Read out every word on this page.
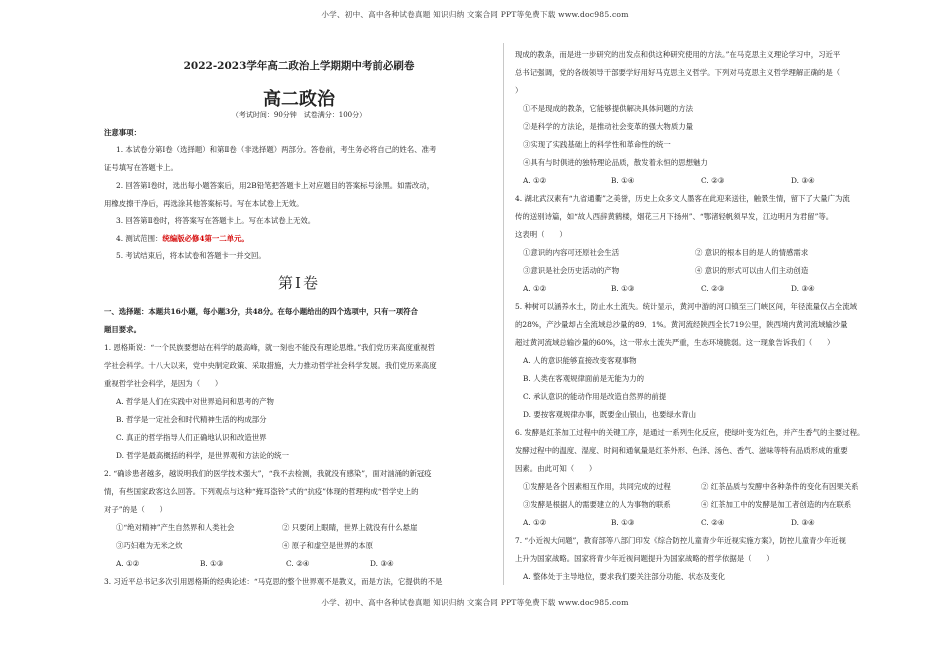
小学、初中、高中各种试卷真题 知识归纳 文案合同 PPT等免费下载 www.doc985.com
2022-2023学年高二政治上学期期中考前必刷卷
高二政治
（考试时间：90分钟　试卷满分：100分）
注意事项：
1. 本试卷分第Ⅰ卷（选择题）和第Ⅱ卷（非选择题）两部分。答卷前，考生务必将自己的姓名、准考
证号填写在答题卡上。
2. 回答第Ⅰ卷时，选出每小题答案后，用2B铅笔把答题卡上对应题目的答案标号涂黑。如需改动，
用橡皮擦干净后，再选涂其他答案标号。写在本试卷上无效。
3. 回答第Ⅱ卷时，将答案写在答题卡上。写在本试卷上无效。
4. 测试范围：统编版必修4第一二单元。
5. 考试结束后，将本试卷和答题卡一并交回。
第Ⅰ卷
一、选择题：本题共16小题，每小题3分，共48分。在每小题给出的四个选项中，只有一项符合
题目要求。
1. 恩格斯说：“一个民族要想站在科学的最高峰，就一刻也不能没有理论思维。”我们党历来高度重视哲
学社会科学。十八大以来，党中央制定政策、采取措施，大力推动哲学社会科学发展。我们党历来高度
重视哲学社会科学，是因为（　　）
A. 哲学是人们在实践中对世界追问和思考的产物
B. 哲学是一定社会和时代精神生活的构成部分
C. 真正的哲学指导人们正确地认识和改造世界
D. 哲学是最高概括的科学，是世界观和方法论的统一
2. “确诊患者越多，越说明我们的医学技术强大”，“我不去检测，我就没有感染”，面对汹涌的新冠疫
情，有些国家政客这么回答。下列观点与这种“掩耳盗铃”式的“抗疫”体现的哲理构成“哲学史上的
对子”的是（　　）
①“绝对精神”产生自然界和人类社会	② 只要闭上眼睛，世界上就没有什么悬崖
③巧妇难为无米之炊	④ 原子和虚空是世界的本原
A. ①②	B. ①③	C. ②④	D. ③④
3. 习近平总书记多次引用恩格斯的经典论述：“马克思的整个世界观不是教义，而是方法，它提供的不是
现成的教条，而是进一步研究的出发点和供这种研究使用的方法。”在马克思主义理论学习中，习近平
总书记强调，党的各级领导干部要学好用好马克思主义哲学。下列对马克思主义哲学理解正确的是（
）
①不是现成的教条，它能够提供解决具体问题的方法
②是科学的方法论，是推动社会变革的强大物质力量
③实现了实践基础上的科学性和革命性的统一
④具有与时俱进的独特理论品质，散发着永恒的思想魅力
A. ①②	B. ①④	C. ②③	D. ③④
4. 湖北武汉素有“九省通衢”之美誉，历史上众多文人墨客在此迎来送往，触景生情，留下了大量广为流
传的送别诗篇，如“故人西辞黄鹤楼，烟花三月下扬州”、“鄂渚轻帆须早发，江边明月为君留”等。
这表明（　　）
①意识的内容可还原社会生活	② 意识的根本目的是人的情感需求
③意识是社会历史活动的产物	④ 意识的形式可以由人们主动创造
A. ①②	B. ①③	C. ②③	D. ③④
5. 种树可以涵养水土，防止水土流失。统计显示，黄河中游的河口镇至三门峡区间，年径流量仅占全流域
的28%，产沙量却占全流域总沙量的89．1%。黄河流经陕西全长719公里，陕西境内黄河流域输沙量
超过黄河流域总输沙量的60%，这一带水土流失严重，生态环境脆弱。这一现象告诉我们（　　）
A. 人的意识能够直接改变客观事物
B. 人类在客观规律面前是无能为力的
C. 承认意识的能动作用是改造自然界的前提
D. 要按客观规律办事，既要金山银山，也要绿水青山
6. 发酵是红茶加工过程中的关键工序，是通过一系列生化反应，使绿叶变为红色，并产生香气的主要过程。
发酵过程中的温度、湿度、时间和通氧量是红茶外形、色泽、汤色、香气、滋味等特有品质形成的重要
因素。由此可知（　　）
①发酵是各个因素相互作用，共同完成的过程	② 红茶品质与发酵中各种条件的变化有因果关系
③发酵是根据人的需要建立的人为事物的联系	④ 红茶加工中的发酵是加工者创造的内在联系
A. ①②	B. ①③	C. ②④	D. ③④
7. “小近视大问题”，教育部等八部门印发《综合防控儿童青少年近视实施方案》，防控儿童青少年近视
上升为国家战略。国家将青少年近视问题提升为国家战略的哲学依据是（　　）
A. 整体处于主导地位，要求我们要关注部分功能、状态及变化
小学、初中、高中各种试卷真题 知识归纳 文案合同 PPT等免费下载 www.doc985.com
